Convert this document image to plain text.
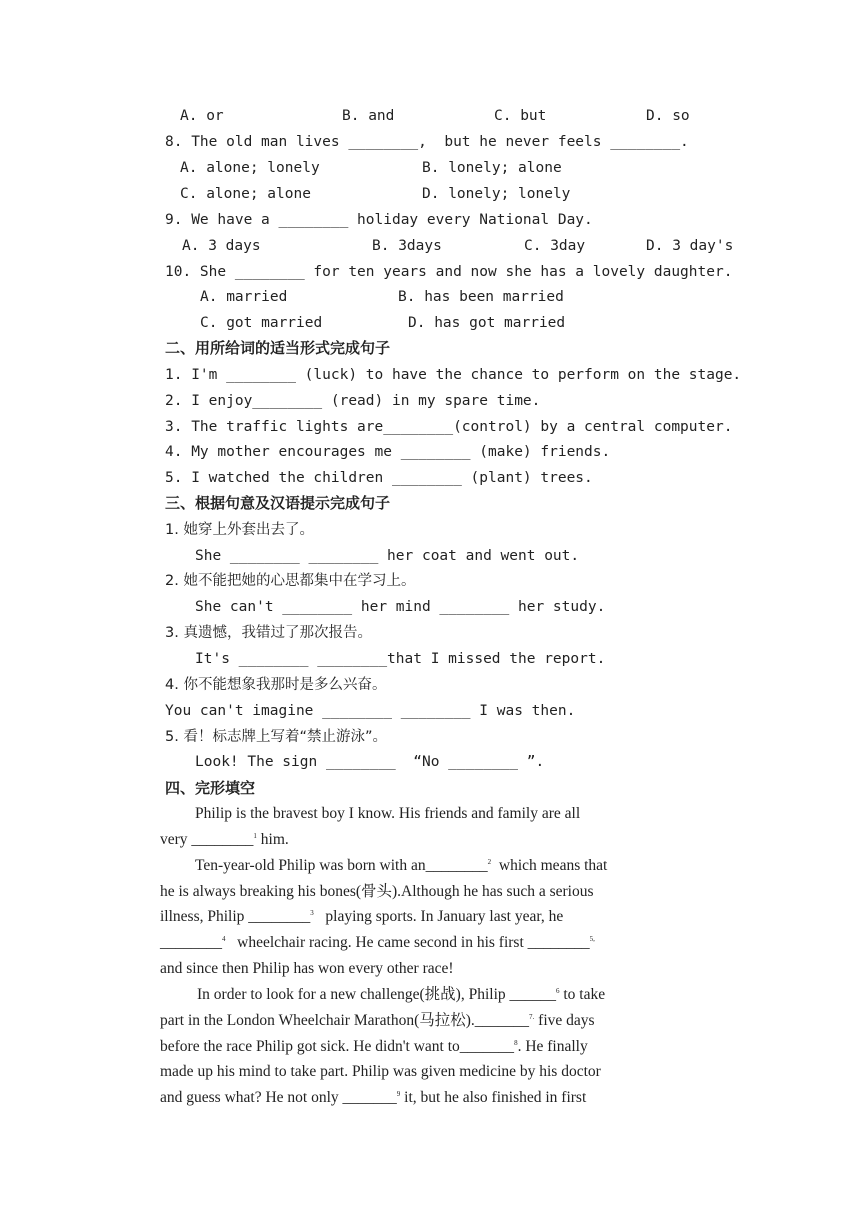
A. or	B. and	C. but	D. so
8. The old man lives ________,  but he never feels ________.
A. alone; lonely	B. lonely; alone
C. alone; alone	D. lonely; lonely
9. We have a ________ holiday every National Day.
A. 3 days	B. 3days	C. 3day	D. 3 day's
10. She ________ for ten years and now she has a lovely daughter.
A. married	B. has been married
C. got married	D. has got married
二、用所给词的适当形式完成句子
1. I'm ________ (luck) to have the chance to perform on the stage.
2. I enjoy________ (read) in my spare time.
3. The traffic lights are________(control) by a central computer.
4. My mother encourages me ________ (make) friends.
5. I watched the children ________ (plant) trees.
三、根据句意及汉语提示完成句子
1. 她穿上外套出去了。
She ________ ________ her coat and went out.
2. 她不能把她的心思都集中在学习上。
She can't ________ her mind ________ her study.
3. 真遗憾，我错过了那次报告。
It's ________ ________that I missed the report.
4. 你不能想象我那时是多么兴奋。
You can't imagine ________ ________ I was then.
5. 看！标志牌上写着“禁止游泳”。
Look! The sign ________  “No ________ ”.
四、完形填空
Philip is the bravest boy I know. His friends and family are all
very ________$^1$ him.
Ten-year-old Philip was born with an________$^2$  which means that
he is always breaking his bones(骨头).Although he has such a serious
illness, Philip ________$^3$   playing sports. In January last year, he
________$^4$   wheelchair racing. He came second in his first ________$^{5,}$
and since then Philip has won every other race!
In order to look for a new challenge(挑战), Philip ______$^6$ to take
part in the London Wheelchair Marathon(马拉松)._______$^{7.}$ five days
before the race Philip got sick. He didn't want to_______$^8$. He finally
made up his mind to take part. Philip was given medicine by his doctor
and guess what? He not only _______$^9$ it, but he also finished in first
